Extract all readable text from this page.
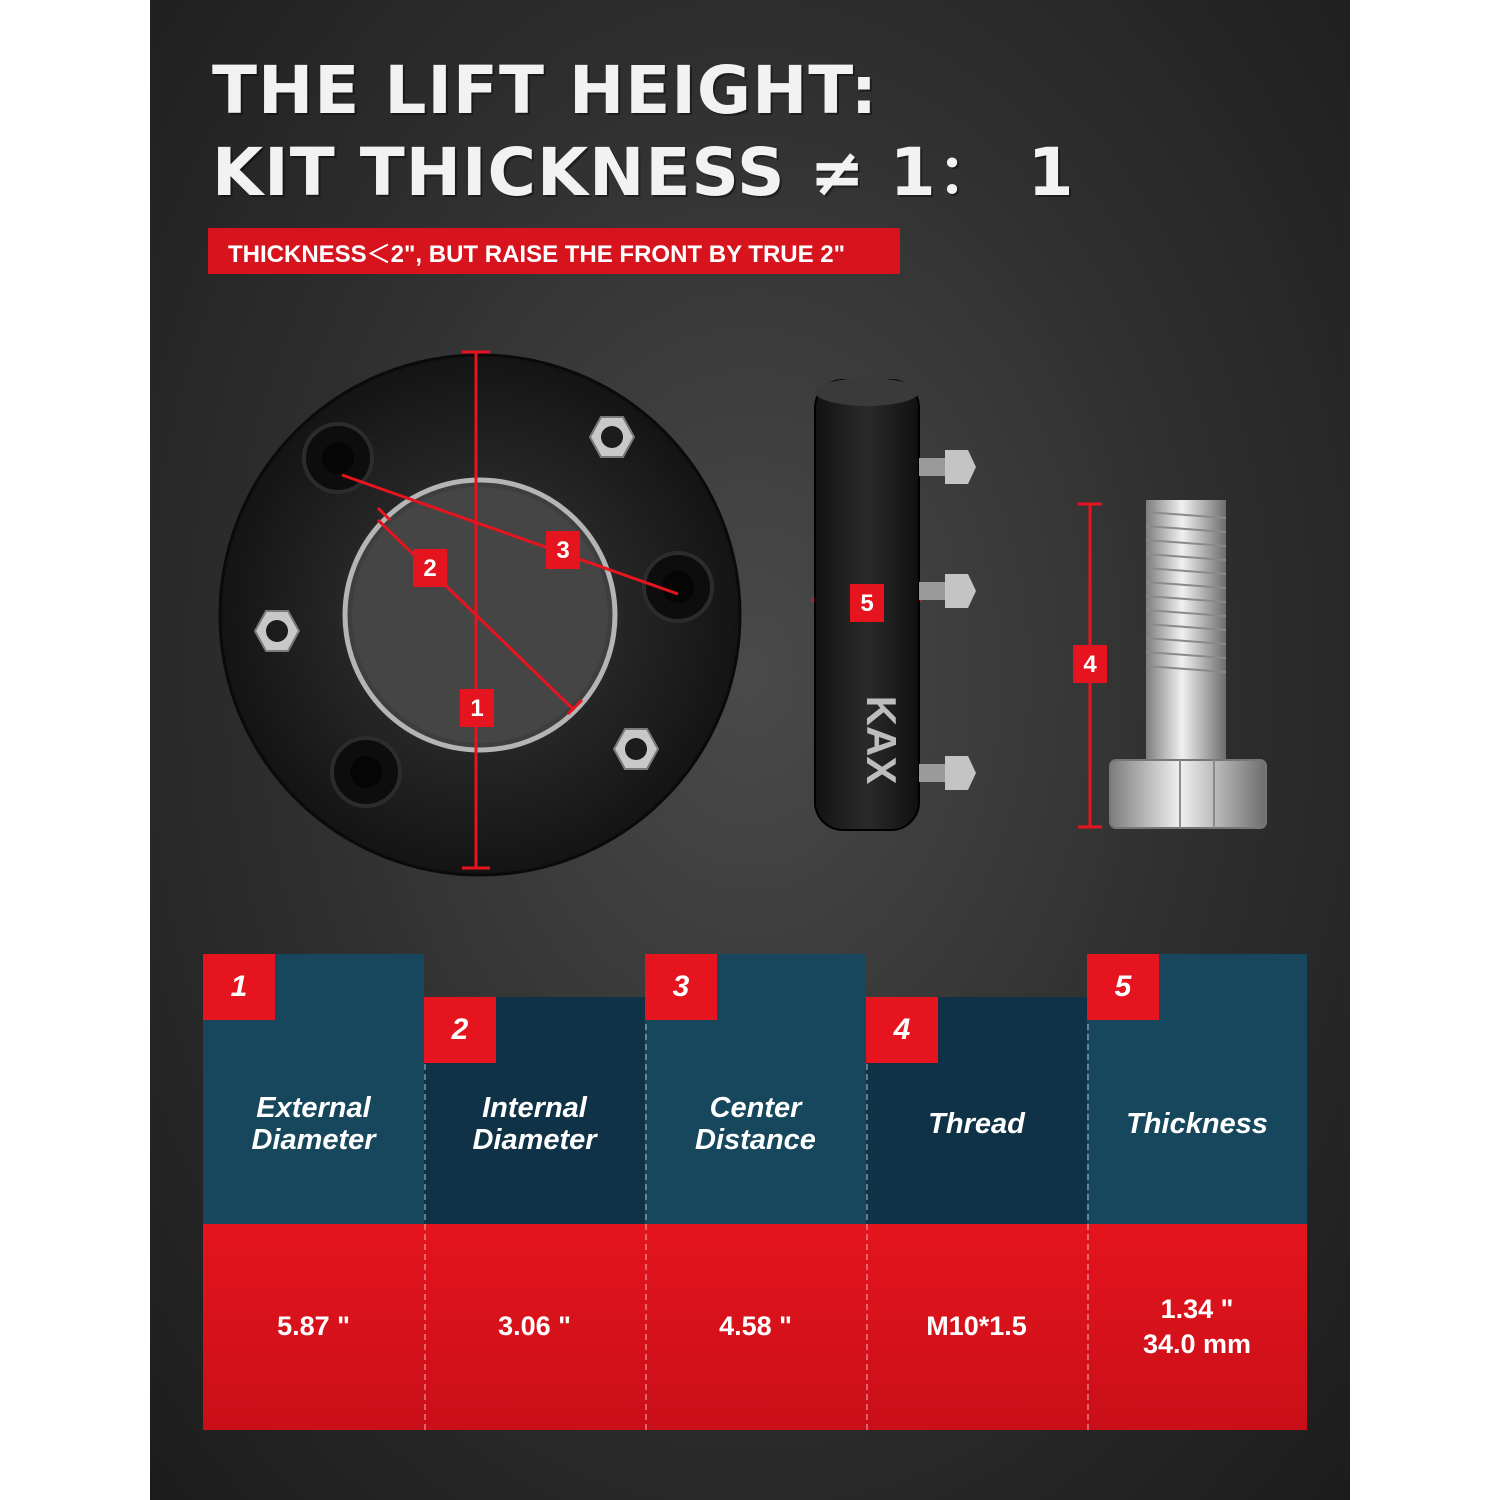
THE LIFT HEIGHT:
KIT THICKNESS ≠ 1： 1
THICKNESS＜2", BUT RAISE THE FRONT BY TRUE 2"
KAX
1
2
3
4
5
1
External Diameter
5.87 "
2
Internal Diameter
3.06 "
3
Center Distance
4.58 "
4
Thread
M10*1.5
5
Thickness
1.34 "
34.0 mm
